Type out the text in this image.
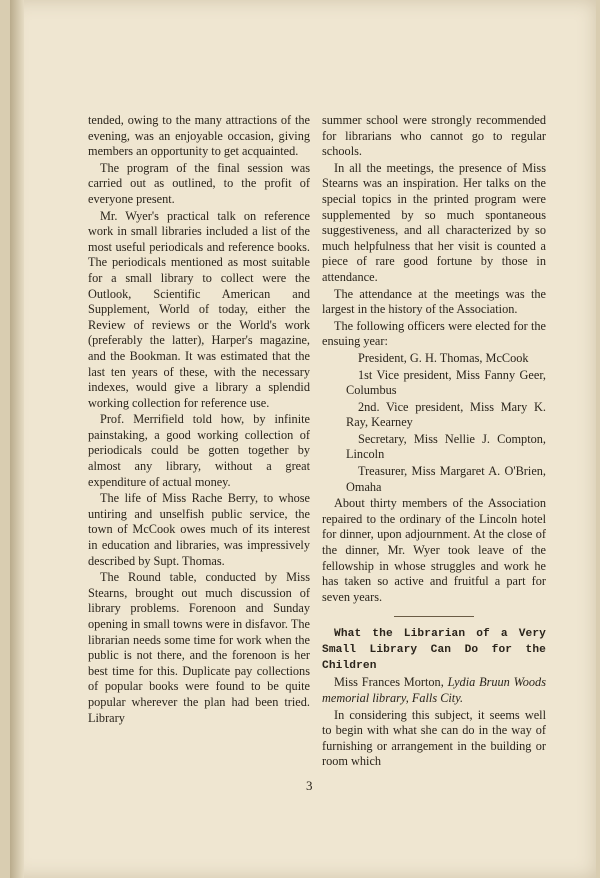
tended, owing to the many attractions of the evening, was an enjoyable occasion, giving members an opportunity to get acquainted.

The program of the final session was carried out as outlined, to the profit of everyone present.

Mr. Wyer's practical talk on reference work in small libraries included a list of the most useful periodicals and reference books. The periodicals mentioned as most suitable for a small library to collect were the Outlook, Scientific American and Supplement, World of today, either the Review of reviews or the World's work (preferably the latter), Harper's magazine, and the Bookman. It was estimated that the last ten years of these, with the necessary indexes, would give a library a splendid working collection for reference use.

Prof. Merrifield told how, by infinite painstaking, a good working collection of periodicals could be gotten together by almost any library, without a great expenditure of actual money.

The life of Miss Rache Berry, to whose untiring and unselfish public service, the town of McCook owes much of its interest in education and libraries, was impressively described by Supt. Thomas.

The Round table, conducted by Miss Stearns, brought out much discussion of library problems. Forenoon and Sunday opening in small towns were in disfavor. The librarian needs some time for work when the public is not there, and the forenoon is her best time for this. Duplicate pay collections of popular books were found to be quite popular wherever the plan had been tried. Library

summer school were strongly recommended for librarians who cannot go to regular schools.

In all the meetings, the presence of Miss Stearns was an inspiration. Her talks on the special topics in the printed program were supplemented by so much spontaneous suggestiveness, and all characterized by so much helpfulness that her visit is counted a piece of rare good fortune by those in attendance.

The attendance at the meetings was the largest in the history of the Association.

The following officers were elected for the ensuing year:

President, G. H. Thomas, McCook

1st Vice president, Miss Fanny Geer, Columbus

2nd. Vice president, Miss Mary K. Ray, Kearney

Secretary, Miss Nellie J. Compton, Lincoln

Treasurer, Miss Margaret A. O'Brien, Omaha

About thirty members of the Association repaired to the ordinary of the Lincoln hotel for dinner, upon adjournment. At the close of the dinner, Mr. Wyer took leave of the fellowship in whose struggles and work he has taken so active and fruitful a part for seven years.

What the Librarian of a Very Small Library Can Do for the Children

Miss Frances Morton, Lydia Bruun Woods memorial library, Falls City.

In considering this subject, it seems well to begin with what she can do in the way of furnishing or arrangement in the building or room which

3
